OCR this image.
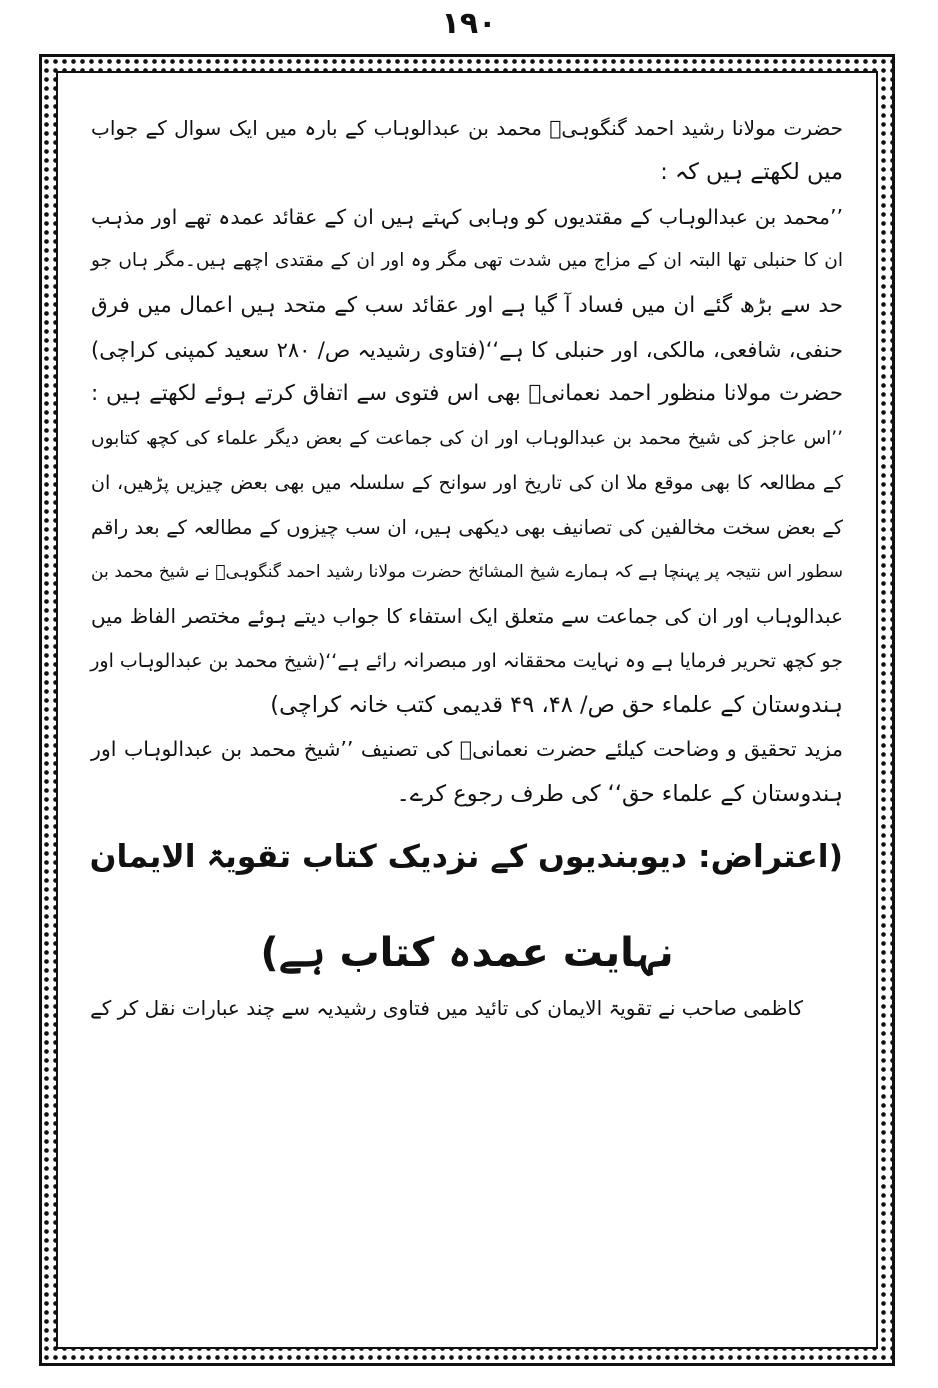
۱۹۰
حضرت مولانا رشید احمد گنگوہیؒ محمد بن عبدالوہاب کے بارہ میں ایک سوال کے جواب
میں لکھتے ہیں کہ :
’’محمد بن عبدالوہاب کے مقتدیوں کو وہابی کہتے ہیں ان کے عقائد عمدہ تھے اور مذہب
ان کا حنبلی تھا البتہ ان کے مزاج میں شدت تھی مگر وہ اور ان کے مقتدی اچھے ہیں۔مگر ہاں جو
حد سے بڑھ گئے ان میں فساد آ گیا ہے اور عقائد سب کے متحد ہیں اعمال میں فرق
حنفی، شافعی، مالکی، اور حنبلی کا ہے‘‘(فتاوی رشیدیہ ص/ ۲۸۰ سعید کمپنی کراچی)
حضرت مولانا منظور احمد نعمانیؒ بھی اس فتوی سے اتفاق کرتے ہوئے لکھتے ہیں :
’’اس عاجز کی شیخ محمد بن عبدالوہاب اور ان کی جماعت کے بعض دیگر علماء کی کچھ کتابوں
کے مطالعہ کا بھی موقع ملا ان کی تاریخ اور سوانح کے سلسلہ میں بھی بعض چیزیں پڑھیں، ان
کے بعض سخت مخالفین کی تصانیف بھی دیکھی ہیں، ان سب چیزوں کے مطالعہ کے بعد راقم
سطور اس نتیجہ پر پہنچا ہے کہ ہمارے شیخ المشائخ حضرت مولانا رشید احمد گنگوہیؒ نے شیخ محمد بن
عبدالوہاب اور ان کی جماعت سے متعلق ایک استفاء کا جواب دیتے ہوئے مختصر الفاظ میں
جو کچھ تحریر فرمایا ہے وہ نہایت محققانہ اور مبصرانہ رائے ہے‘‘(شیخ محمد بن عبدالوہاب اور
ہندوستان کے علماء حق ص/ ۴۸، ۴۹ قدیمی کتب خانہ کراچی)
مزید تحقیق و وضاحت کیلئے حضرت نعمانیؒ کی تصنیف ’’شیخ محمد بن عبدالوہاب اور
ہندوستان کے علماء حق‘‘ کی طرف رجوع کرے۔
(اعتراض: دیوبندیوں کے نزدیک کتاب تقویۃ الایمان
نہایت عمدہ کتاب ہے)
کاظمی صاحب نے تقویۃ الایمان کی تائید میں فتاوی رشیدیہ سے چند عبارات نقل کر کے
